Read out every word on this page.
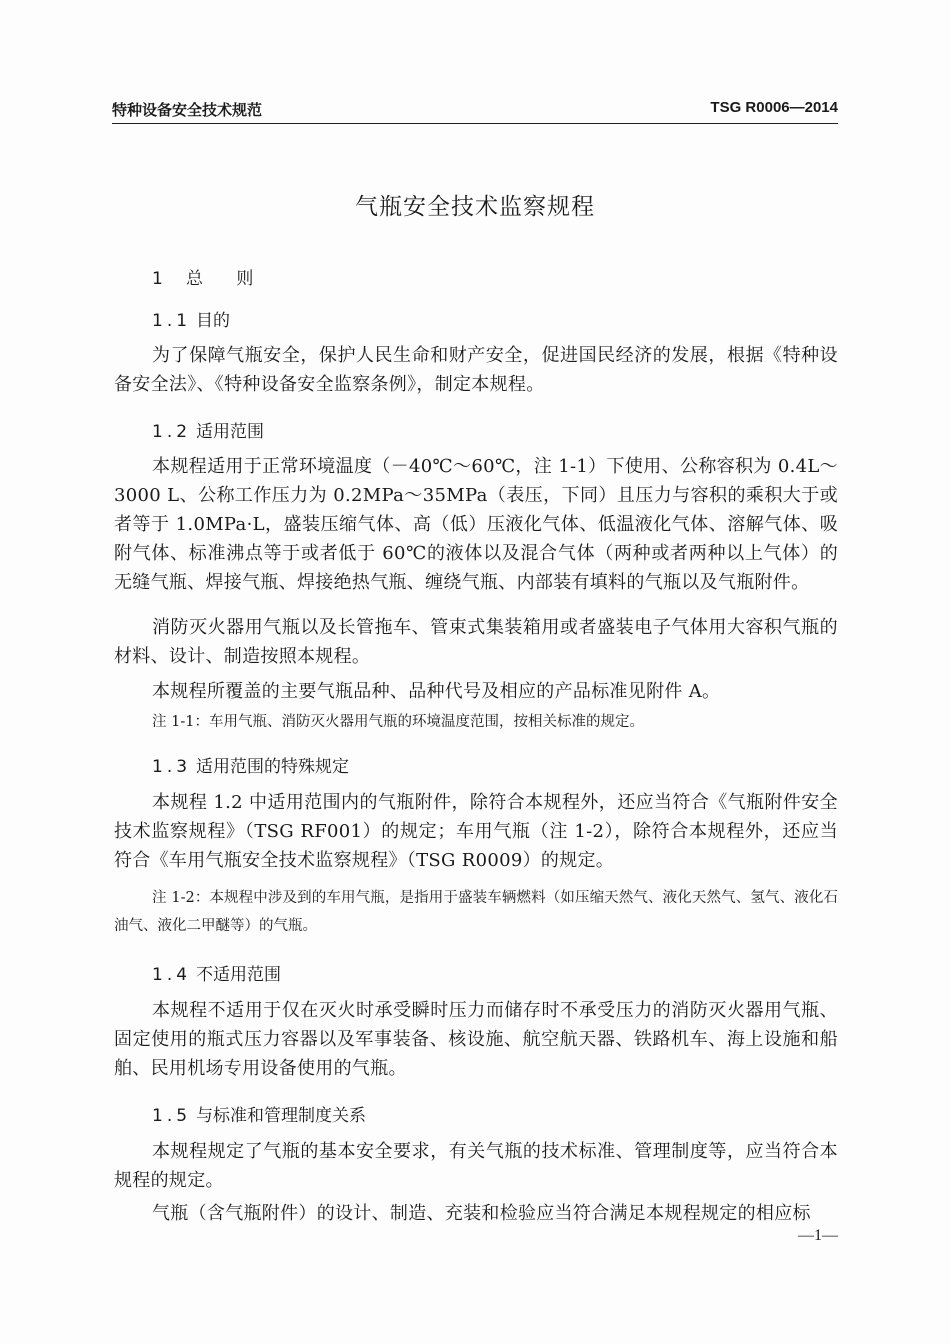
特种设备安全技术规范	TSG R0006—2014
气瓶安全技术监察规程
1 总 则
1.1 目的
为了保障气瓶安全，保护人民生命和财产安全，促进国民经济的发展，根据《特种设备安全法》、《特种设备安全监察条例》，制定本规程。
1.2 适用范围
本规程适用于正常环境温度（－40℃～60℃，注 1-1）下使用、公称容积为 0.4L～3000 L、公称工作压力为 0.2MPa～35MPa（表压，下同）且压力与容积的乘积大于或者等于 1.0MPa·L，盛装压缩气体、高（低）压液化气体、低温液化气体、溶解气体、吸附气体、标准沸点等于或者低于 60℃的液体以及混合气体（两种或者两种以上气体）的无缝气瓶、焊接气瓶、焊接绝热气瓶、缠绕气瓶、内部装有填料的气瓶以及气瓶附件。
消防灭火器用气瓶以及长管拖车、管束式集装箱用或者盛装电子气体用大容积气瓶的材料、设计、制造按照本规程。
本规程所覆盖的主要气瓶品种、品种代号及相应的产品标准见附件 A。
注 1-1：车用气瓶、消防灭火器用气瓶的环境温度范围，按相关标准的规定。
1.3 适用范围的特殊规定
本规程 1.2 中适用范围内的气瓶附件，除符合本规程外，还应当符合《气瓶附件安全技术监察规程》（TSG RF001）的规定；车用气瓶（注 1-2），除符合本规程外，还应当符合《车用气瓶安全技术监察规程》（TSG R0009）的规定。
注 1-2：本规程中涉及到的车用气瓶，是指用于盛装车辆燃料（如压缩天然气、液化天然气、氢气、液化石油气、液化二甲醚等）的气瓶。
1.4 不适用范围
本规程不适用于仅在灭火时承受瞬时压力而储存时不承受压力的消防灭火器用气瓶、固定使用的瓶式压力容器以及军事装备、核设施、航空航天器、铁路机车、海上设施和船舶、民用机场专用设备使用的气瓶。
1.5 与标准和管理制度关系
本规程规定了气瓶的基本安全要求，有关气瓶的技术标准、管理制度等，应当符合本规程的规定。
气瓶（含气瓶附件）的设计、制造、充装和检验应当符合满足本规程规定的相应标
—1—
